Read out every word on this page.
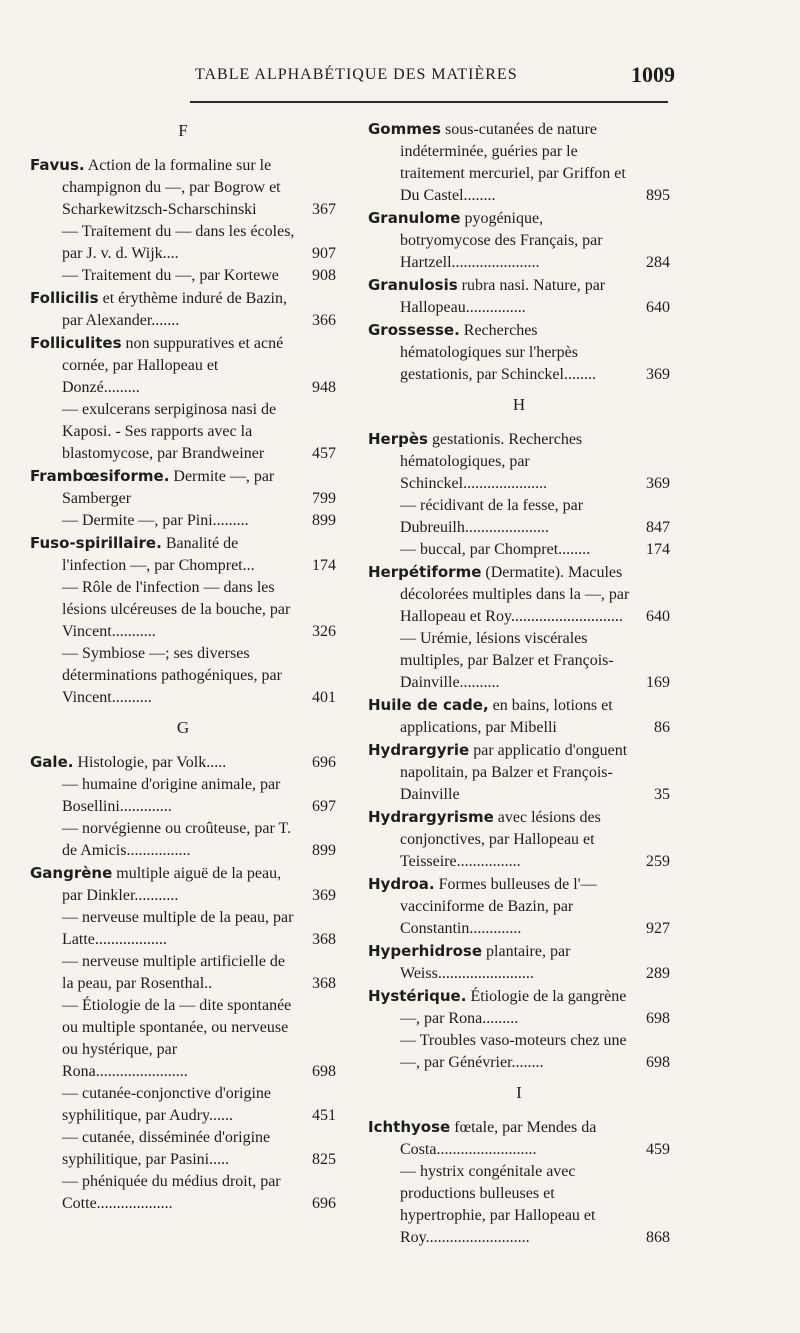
TABLE ALPHABÉTIQUE DES MATIÈRES	1009
F
Favus. Action de la formaline sur le champignon du —, par Bogrow et Scharkewitzsch-Scharschinski	367
— Traitement du — dans les écoles, par J. v. d. Wijk....	907
— Traitement du —, par Kortewe	908
Follicilis et érythème induré de Bazin, par Alexander.......	366
Folliculites non suppuratives et acné cornée, par Hallopeau et Donzé.........	948
— exulcerans serpiginosa nasi de Kaposi. - Ses rapports avec la blastomycose, par Brandweiner	457
Frambœsiforme. Dermite —, par Samberger	799
— Dermite —, par Pini.........	899
Fuso-spirillaire. Banalité de l'infection —, par Chompret...	174
— Rôle de l'infection — dans les lésions ulcéreuses de la bouche, par Vincent...........	326
— Symbiose —; ses diverses déterminations pathogéniques, par Vincent..........	401
G
Gale. Histologie, par Volk.....	696
— humaine d'origine animale, par Bosellini.............	697
— norvégienne ou croûteuse, par T. de Amicis................	899
Gangrène multiple aiguë de la peau, par Dinkler...........	369
— nerveuse multiple de la peau, par Latte..................	368
— nerveuse multiple artificielle de la peau, par Rosenthal..	368
— Étiologie de la — dite spontanée ou multiple spontanée, ou nerveuse ou hystérique, par Rona.......................	698
— cutanée-conjonctive d'origine syphilitique, par Audry......	451
— cutanée, disséminée d'origine syphilitique, par Pasini.....	825
— phéniquée du médius droit, par Cotte...................	696
Gommes sous-cutanées de nature indéterminée, guéries par le traitement mercuriel, par Griffon et Du Castel........	895
Granulome pyogénique, botryomycose des Français, par Hartzell......................	284
Granulosis rubra nasi. Nature, par Hallopeau...............	640
Grossesse. Recherches hématologiques sur l'herpès gestationis, par Schinckel........	369
H
Herpès gestationis. Recherches hématologiques, par Schinckel.....................	369
— récidivant de la fesse, par Dubreuilh.....................	847
— buccal, par Chompret........	174
Herpétiforme (Dermatite). Macules décolorées multiples dans la —, par Hallopeau et Roy............................	640
— Urémie, lésions viscérales multiples, par Balzer et François-Dainville..........	169
Huile de cade, en bains, lotions et applications, par Mibelli	86
Hydrargyrie par applicatio d'onguent napolitain, pa Balzer et François-Dainville	35
Hydrargyrisme avec lésions des conjonctives, par Hallopeau et Teisseire................	259
Hydroa. Formes bulleuses de l'— vacciniforme de Bazin, par Constantin.............	927
Hyperhidrose plantaire, par Weiss........................	289
Hystérique. Étiologie de la gangrène —, par Rona.........	698
— Troubles vaso-moteurs chez une —, par Génévrier........	698
I
Ichthyose fœtale, par Mendes da Costa.........................	459
— hystrix congénitale avec productions bulleuses et hypertrophie, par Hallopeau et Roy..........................	868
